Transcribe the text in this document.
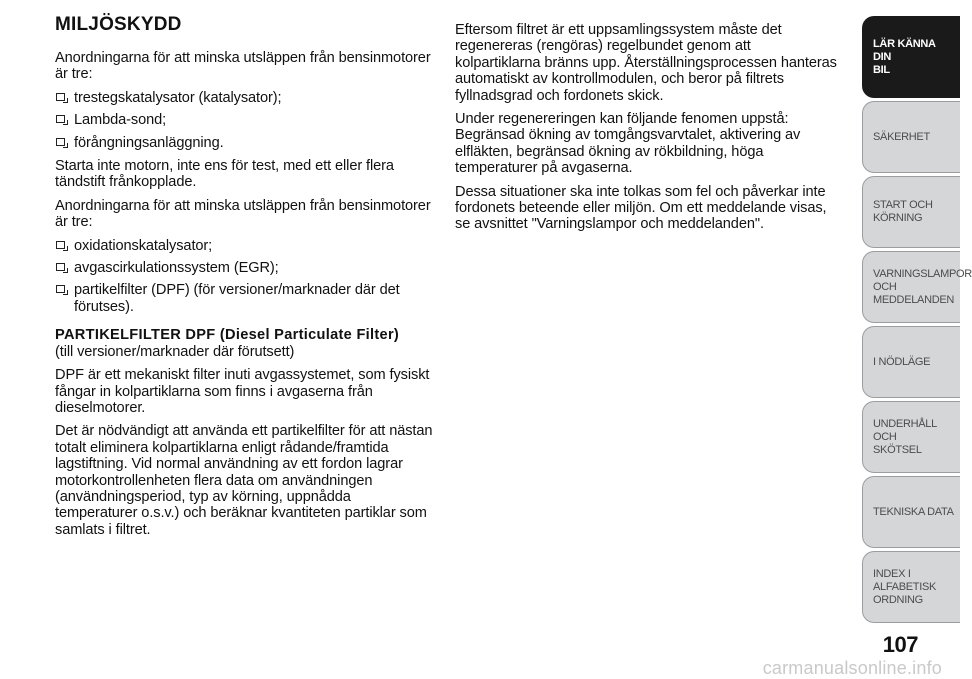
MILJÖSKYDD

Anordningarna för att minska utsläppen från bensinmotorer är tre:

trestegskatalysator (katalysator);
Lambda-sond;
förångningsanläggning.

Starta inte motorn, inte ens för test, med ett eller flera tändstift frånkopplade.

Anordningarna för att minska utsläppen från bensinmotorer är tre:

oxidationskatalysator;
avgascirkulationssystem (EGR);
partikelfilter (DPF) (för versioner/marknader där det förutses).
PARTIKELFILTER DPF (Diesel Particulate Filter)

(till versioner/marknader där förutsett)

DPF är ett mekaniskt filter inuti avgassystemet, som fysiskt fångar in kolpartiklarna som finns i avgaserna från dieselmotorer.

Det är nödvändigt att använda ett partikelfilter för att nästan totalt eliminera kolpartiklarna enligt rådande/framtida lagstiftning. Vid normal användning av ett fordon lagrar motorkontrollenheten flera data om användningen (användningsperiod, typ av körning, uppnådda temperaturer o.s.v.) och beräknar kvantiteten partiklar som samlats i filtret.

Eftersom filtret är ett uppsamlingssystem måste det regenereras (rengöras) regelbundet genom att kolpartiklarna bränns upp. Återställningsprocessen hanteras automatiskt av kontrollmodulen, och beror på filtrets fyllnadsgrad och fordonets skick.

Under regenereringen kan följande fenomen uppstå: Begränsad ökning av tomgångsvarvtalet, aktivering av elfläkten, begränsad ökning av rökbildning, höga temperaturer på avgaserna.

Dessa situationer ska inte tolkas som fel och påverkar inte fordonets beteende eller miljön. Om ett meddelande visas, se avsnittet "Varningslampor och meddelanden".

LÄR KÄNNA DIN
BIL
SÄKERHET
START OCH
KÖRNING
VARNINGSLAMPOR
OCH
MEDDELANDEN
I NÖDLÄGE
UNDERHÅLL OCH
SKÖTSEL
TEKNISKA DATA
INDEX I ALFABETISK
ORDNING
107
carmanualsonline.info
